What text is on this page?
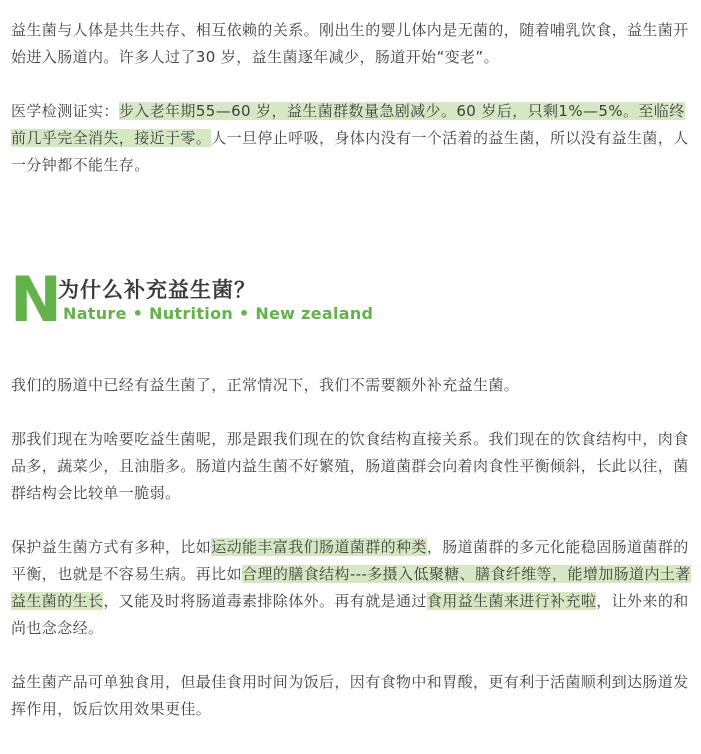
益生菌与人体是共生共存、相互依赖的关系。刚出生的婴儿体内是无菌的，随着哺乳饮食，益生菌开始进入肠道内。许多人过了30 岁，益生菌逐年减少，肠道开始“变老”。

医学检测证实：步入老年期55—60 岁，益生菌群数量急剧减少。60 岁后，只剩1%—5%。至临终前几乎完全消失，接近于零。人一旦停止呼吸，身体内没有一个活着的益生菌，所以没有益生菌，人一分钟都不能生存。

N
为什么补充益生菌？
Nature • Nutrition • New zealand

我们的肠道中已经有益生菌了，正常情况下，我们不需要额外补充益生菌。

那我们现在为啥要吃益生菌呢，那是跟我们现在的饮食结构直接关系。我们现在的饮食结构中，肉食品多，蔬菜少，且油脂多。肠道内益生菌不好繁殖，肠道菌群会向着肉食性平衡倾斜，长此以往，菌群结构会比较单一脆弱。

保护益生菌方式有多种，比如运动能丰富我们肠道菌群的种类，肠道菌群的多元化能稳固肠道菌群的平衡，也就是不容易生病。再比如合理的膳食结构---多摄入低聚糖、膳食纤维等，能增加肠道内土著益生菌的生长，又能及时将肠道毒素排除体外。再有就是通过食用益生菌来进行补充啦，让外来的和尚也念念经。

益生菌产品可单独食用，但最佳食用时间为饭后，因有食物中和胃酸，更有利于活菌顺利到达肠道发挥作用，饭后饮用效果更佳。
